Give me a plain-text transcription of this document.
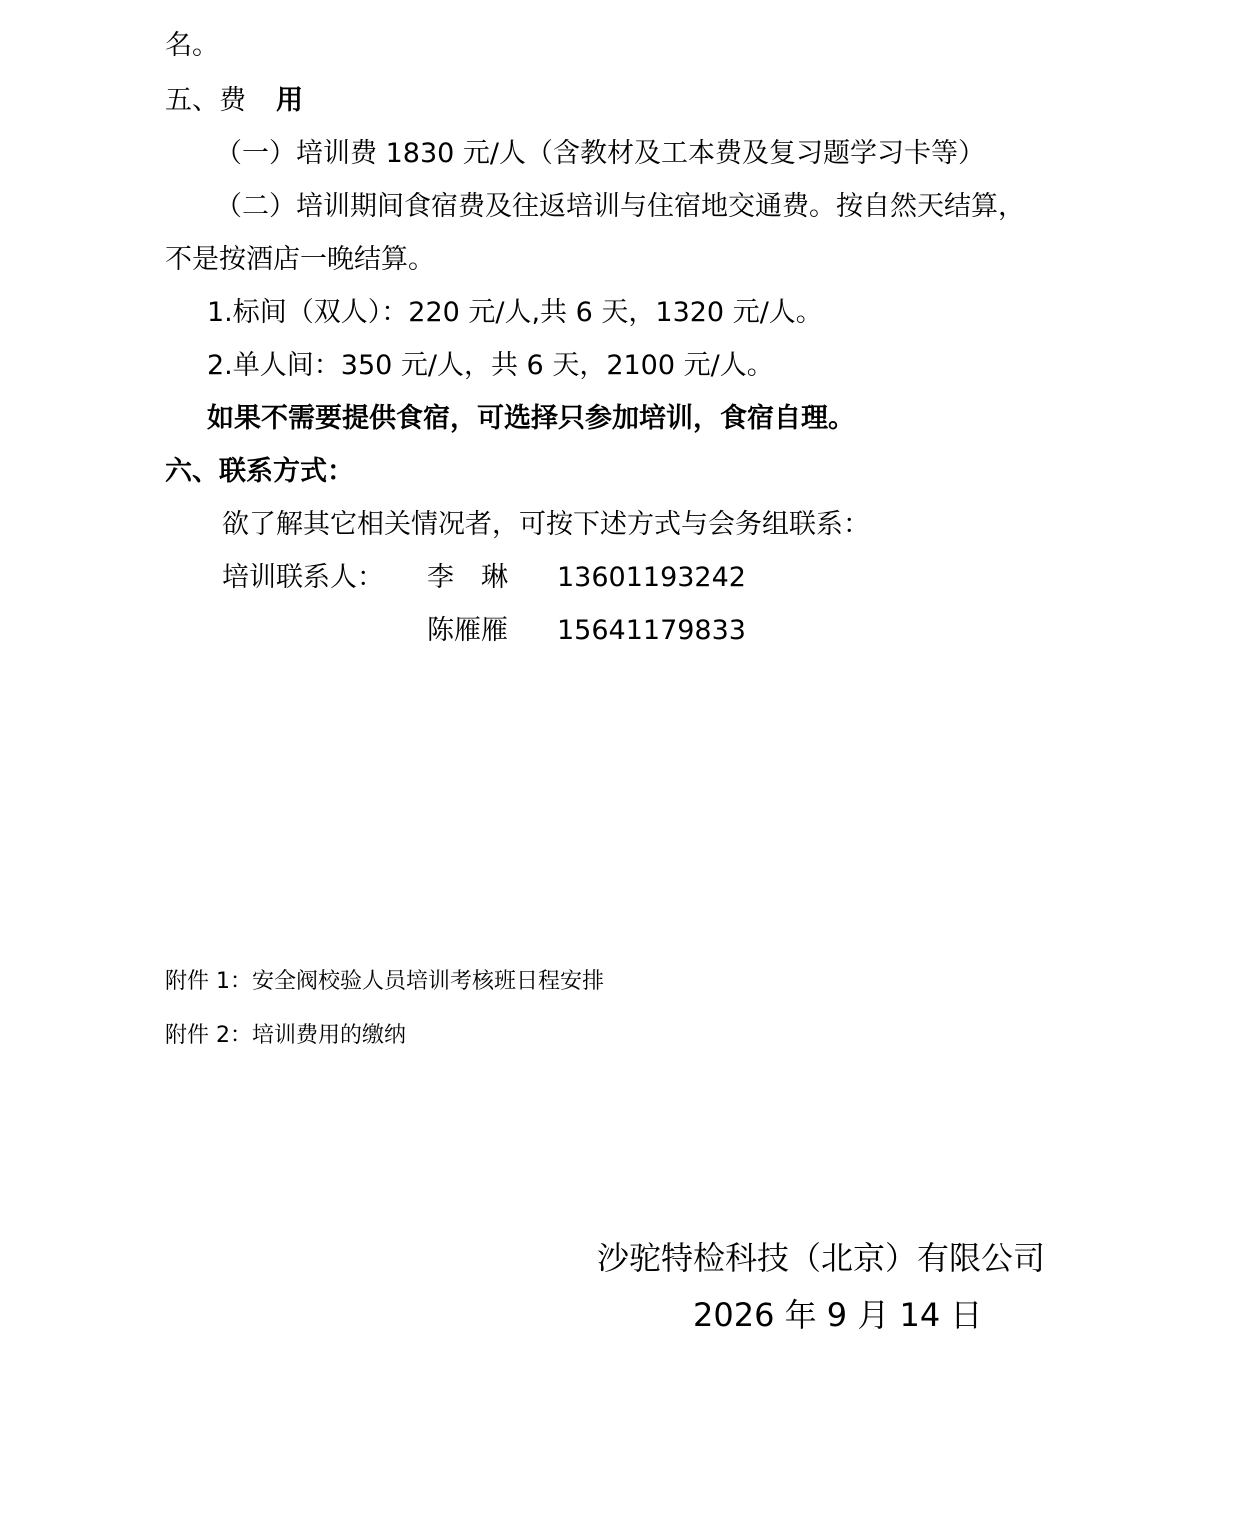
名。
五、费 用
（一）培训费 1830 元/人（含教材及工本费及复习题学习卡等）
（二）培训期间食宿费及往返培训与住宿地交通费。按自然天结算，
不是按酒店一晚结算。
1.标间（双人）：220 元/人,共 6 天，1320 元/人。
2.单人间：350 元/人，共 6 天，2100 元/人。
如果不需要提供食宿，可选择只参加培训，食宿自理。
六、联系方式：
欲了解其它相关情况者，可按下述方式与会务组联系：
培训联系人： 李　琳 13601193242
陈雁雁 15641179833
附件 1：安全阀校验人员培训考核班日程安排
附件 2：培训费用的缴纳
沙驼特检科技（北京）有限公司
2026 年 9 月 14 日
